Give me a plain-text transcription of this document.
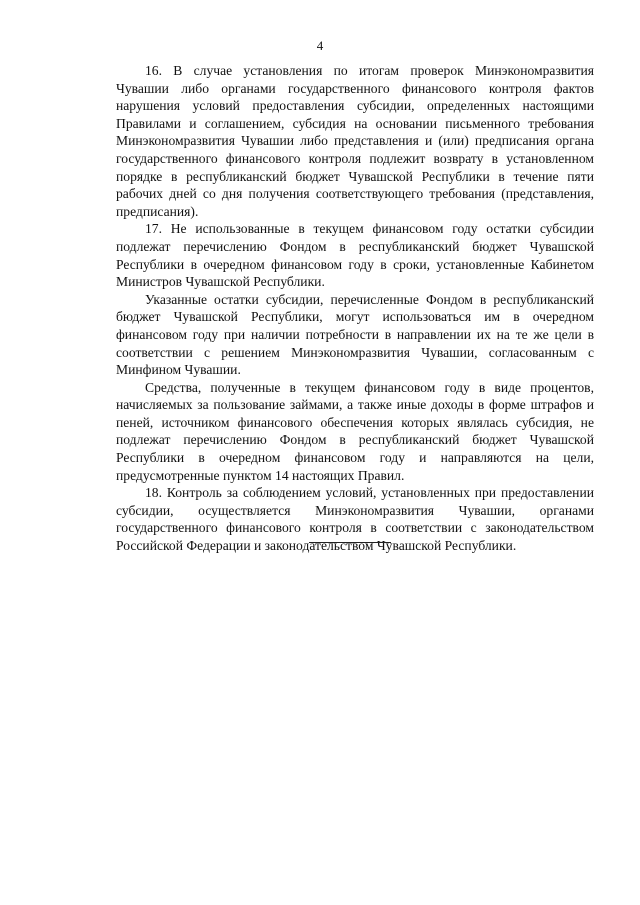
4

16. В случае установления по итогам проверок Минэкономразвития Чувашии либо органами государственного финансового контроля фактов нарушения условий предоставления субсидии, определенных настоящими Правилами и соглашением, субсидия на основании письменного требования Минэкономразвития Чувашии либо представления и (или) предписания органа государственного финансового контроля подлежит возврату в установленном порядке в республиканский бюджет Чувашской Республики в течение пяти рабочих дней со дня получения соответствующего требования (представления, предписания).

17. Не использованные в текущем финансовом году остатки субсидии подлежат перечислению Фондом в республиканский бюджет Чувашской Республики в очередном финансовом году в сроки, установленные Кабинетом Министров Чувашской Республики.

Указанные остатки субсидии, перечисленные Фондом в республиканский бюджет Чувашской Республики, могут использоваться им в очередном финансовом году при наличии потребности в направлении их на те же цели в соответствии с решением Минэкономразвития Чувашии, согласованным с Минфином Чувашии.

Средства, полученные в текущем финансовом году в виде процентов, начисляемых за пользование займами, а также иные доходы в форме штрафов и пеней, источником финансового обеспечения которых являлась субсидия, не подлежат перечислению Фондом в республиканский бюджет Чувашской Республики в очередном финансовом году и направляются на цели, предусмотренные пунктом 14 настоящих Правил.

18. Контроль за соблюдением условий, установленных при предоставлении субсидии, осуществляется Минэкономразвития Чувашии, органами государственного финансового контроля в соответствии с законодательством Российской Федерации и законодательством Чувашской Республики.
